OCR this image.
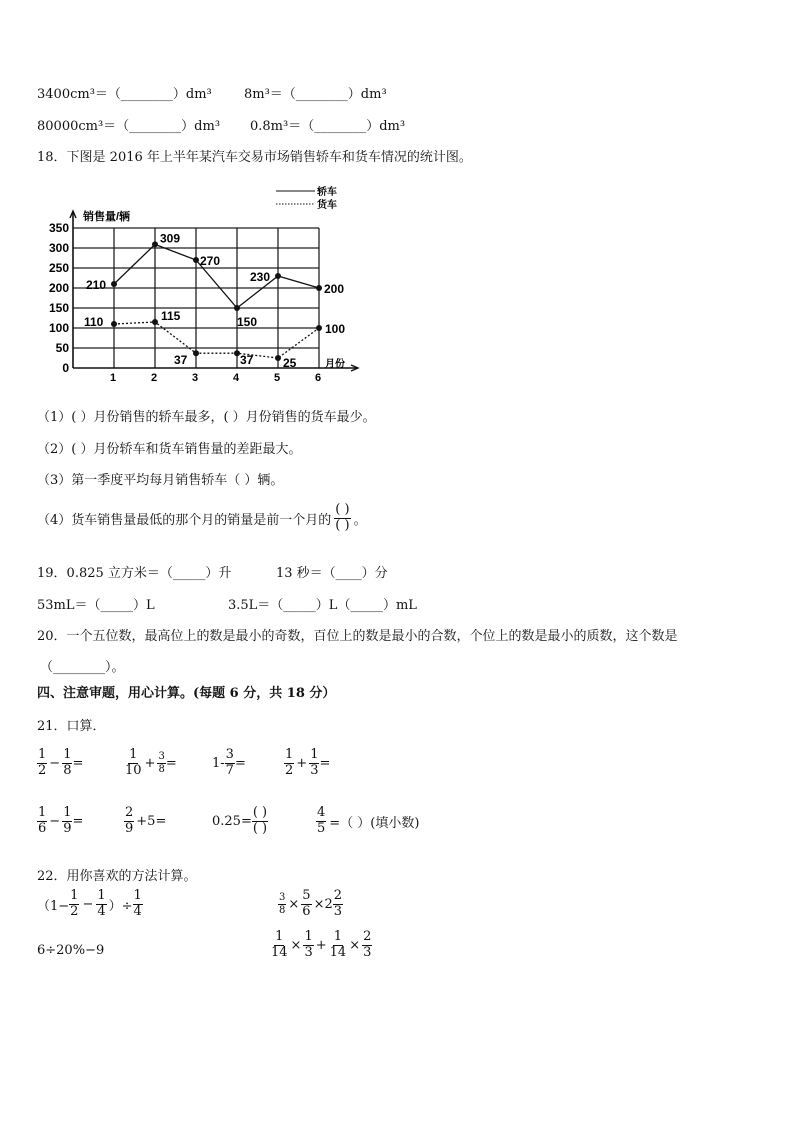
3400cm³＝（________）dm³ 8m³＝（________）dm³
80000cm³＝（________）dm³ 0.8m³＝（________）dm³
18．下图是 2016 年上半年某汽车交易市场销售轿车和货车情况的统计图。
0
50
100
150
200
250
300
350
1	2	3	4	5	6
销售量/辆
月份
轿车
货车
210
309
270
150
230
200
110	115
37	37 25
100
（1）( ）月份销售的轿车最多，( ）月份销售的货车最少。
（2）( ）月份轿车和货车销售量的差距最大。
（3）第一季度平均每月销售轿车（ ）辆。
（4）货车销售量最低的那个月的销量是前一个月的 $\frac{( )}{( )}$ 。
19．0.825 立方米＝（_____）升	13 秒＝（____）分
53mL＝（_____）L	3.5L＝（_____）L（_____）mL
20．一个五位数，最高位上的数是最小的奇数，百位上的数是最小的合数，个位上的数是最小的质数，这个数是
（________）。
四、注意审题，用心计算。(每题 6 分，共 18 分）
21．口算．
$\frac{1}{2} - \frac{1}{8}$ =	$\frac{1}{10} + \frac{3}{8}$ =	$1- \frac{3}{7}$ =	$\frac{1}{2} + \frac{1}{3}$ =
$\frac{1}{6} - \frac{1}{9}$ =	$\frac{2}{9} +5=$	$0.25= \frac{( )}{( )}$	$\frac{4}{5}$ =（ ）(填小数)
22．用你喜欢的方法计算。
（$1- \frac{1}{2} - \frac{1}{4}$ ）÷ $\frac{1}{4}$	$\frac{3}{8} \times \frac{5}{6} \times 2 \frac{2}{3}$
6÷20%−9	$\frac{1}{14} \times \frac{1}{3} + \frac{1}{14} \times \frac{2}{3}$
